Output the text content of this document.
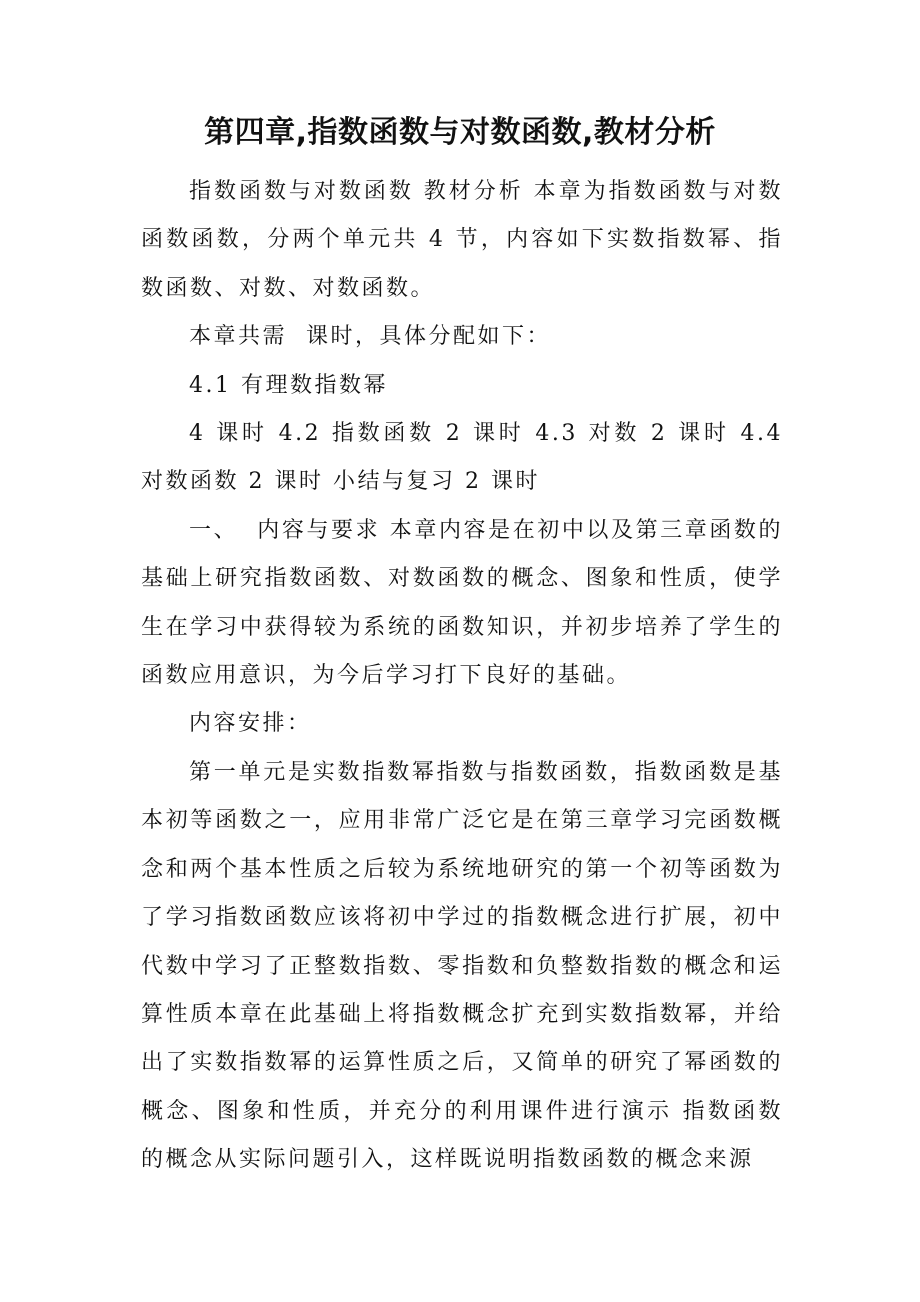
第四章,指数函数与对数函数,教材分析

指数函数与对数函数 教材分析 本章为指数函数与对数函数函数，分两个单元共 4 节，内容如下实数指数幂、指数函数、对数、对数函数。

本章共需  课时，具体分配如下：

4.1 有理数指数幂

4 课时 4.2 指数函数 2 课时 4.3 对数 2 课时 4.4 对数函数 2 课时 小结与复习 2 课时

一、  内容与要求 本章内容是在初中以及第三章函数的基础上研究指数函数、对数函数的概念、图象和性质，使学生在学习中获得较为系统的函数知识，并初步培养了学生的函数应用意识，为今后学习打下良好的基础。

内容安排：

第一单元是实数指数幂指数与指数函数，指数函数是基本初等函数之一，应用非常广泛它是在第三章学习完函数概念和两个基本性质之后较为系统地研究的第一个初等函数为了学习指数函数应该将初中学过的指数概念进行扩展，初中代数中学习了正整数指数、零指数和负整数指数的概念和运算性质本章在此基础上将指数概念扩充到实数指数幂，并给出了实数指数幂的运算性质之后，又简单的研究了幂函数的概念、图象和性质，并充分的利用课件进行演示 指数函数的概念从实际问题引入，这样既说明指数函数的概念来源
